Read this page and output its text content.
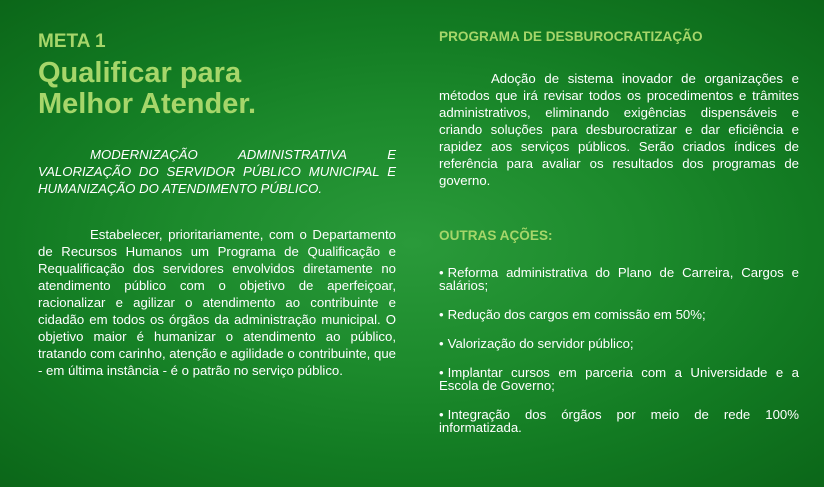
META 1
Qualificar para
Melhor Atender.

MODERNIZAÇÃO ADMINISTRATIVA E VALORIZAÇÃO DO SERVIDOR PÚBLICO MUNICIPAL E HUMANIZAÇÃO DO ATENDIMENTO PÚBLICO.

Estabelecer, prioritariamente, com o Departamento de Recursos Humanos um Programa de Qualificação e Requalificação dos servidores envolvidos diretamente no atendimento público com o objetivo de aperfeiçoar, racionalizar e agilizar o atendimento ao contribuinte e cidadão em todos os órgãos da administração municipal. O objetivo maior é humanizar o atendimento ao público, tratando com carinho, atenção e agilidade o contribuinte, que - em última instância - é o patrão no serviço público.

PROGRAMA DE DESBUROCRATIZAÇÃO

Adoção de sistema inovador de organizações e métodos que irá revisar todos os procedimentos e trâmites administrativos, eliminando exigências dispensáveis e criando soluções para desburocratizar e dar eficiência e rapidez aos serviços públicos. Serão criados índices de referência para avaliar os resultados dos programas de governo.

OUTRAS AÇÕES:
• Reforma administrativa do Plano de Carreira, Cargos e salários;
• Redução dos cargos em comissão em 50%;
• Valorização do servidor público;
• Implantar cursos em parceria com a Universidade e a Escola de Governo;
• Integração dos órgãos por meio de rede 100% informatizada.
